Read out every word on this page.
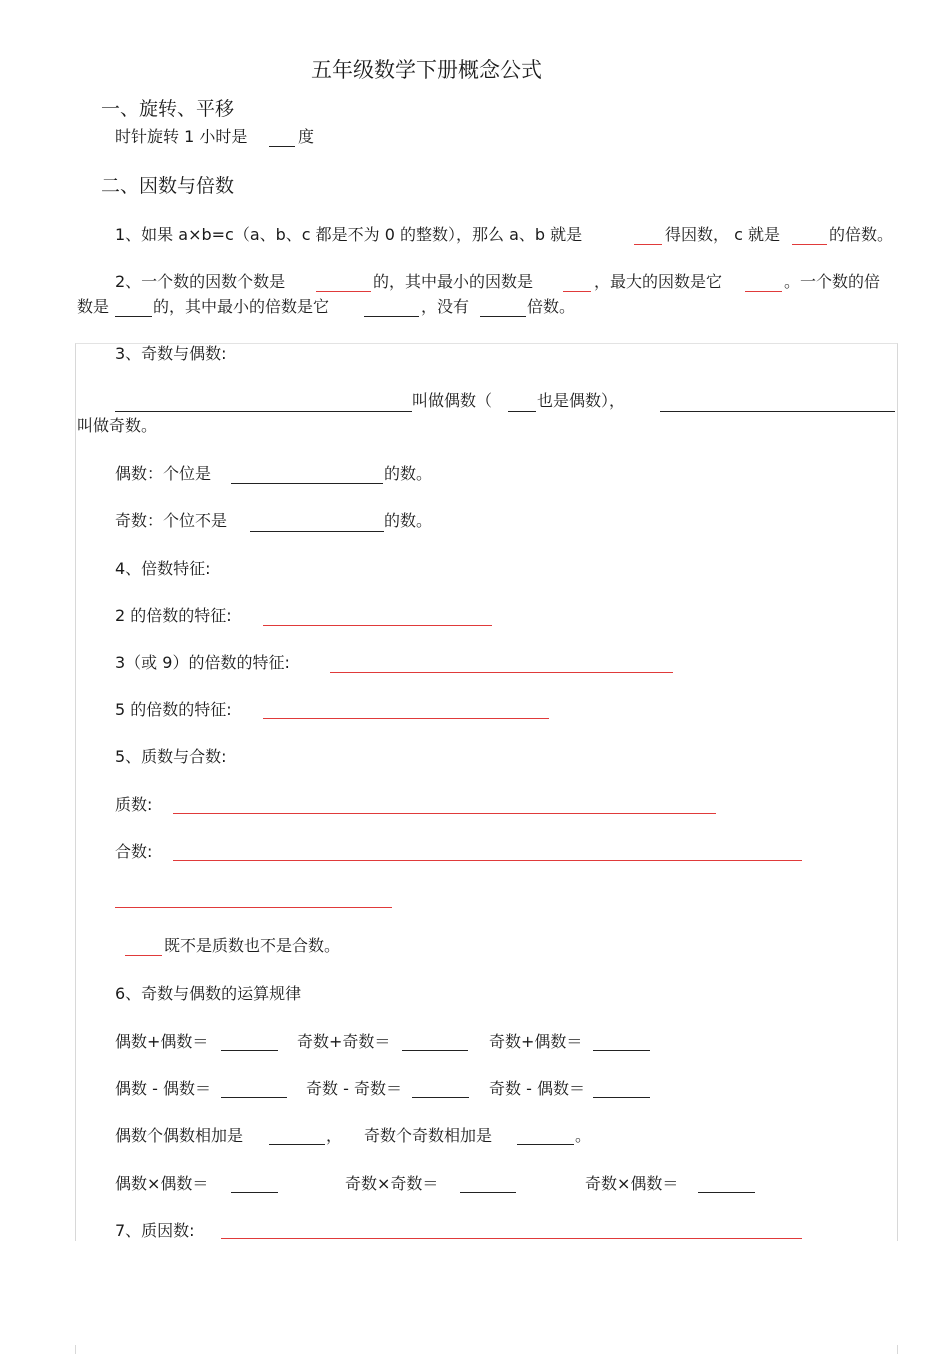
五年级数学下册概念公式
一、旋转、平移
时针旋转 1 小时是	度
二、因数与倍数
1、如果 a×b=c（a、b、c 都是不为 0 的整数），那么 a、b 就是	得因数， c 就是	的倍数。
2、一个数的因数个数是	的，其中最小的因数是	，最大的因数是它	。一个数的倍
数是	的，其中最小的倍数是它	，没有	倍数。
3、奇数与偶数:
叫做偶数（	也是偶数），
叫做奇数。
偶数：个位是	的数。
奇数：个位不是	的数。
4、倍数特征:
2 的倍数的特征:
3（或 9）的倍数的特征:
5 的倍数的特征:
5、质数与合数:
质数:
合数:
既不是质数也不是合数。
6、奇数与偶数的运算规律
偶数+偶数＝	奇数+奇数＝	奇数+偶数＝
偶数 - 偶数＝	奇数 - 奇数＝	奇数 - 偶数＝
偶数个偶数相加是	， 奇数个奇数相加是	。
偶数×偶数＝	奇数×奇数＝	奇数×偶数＝
7、质因数:
